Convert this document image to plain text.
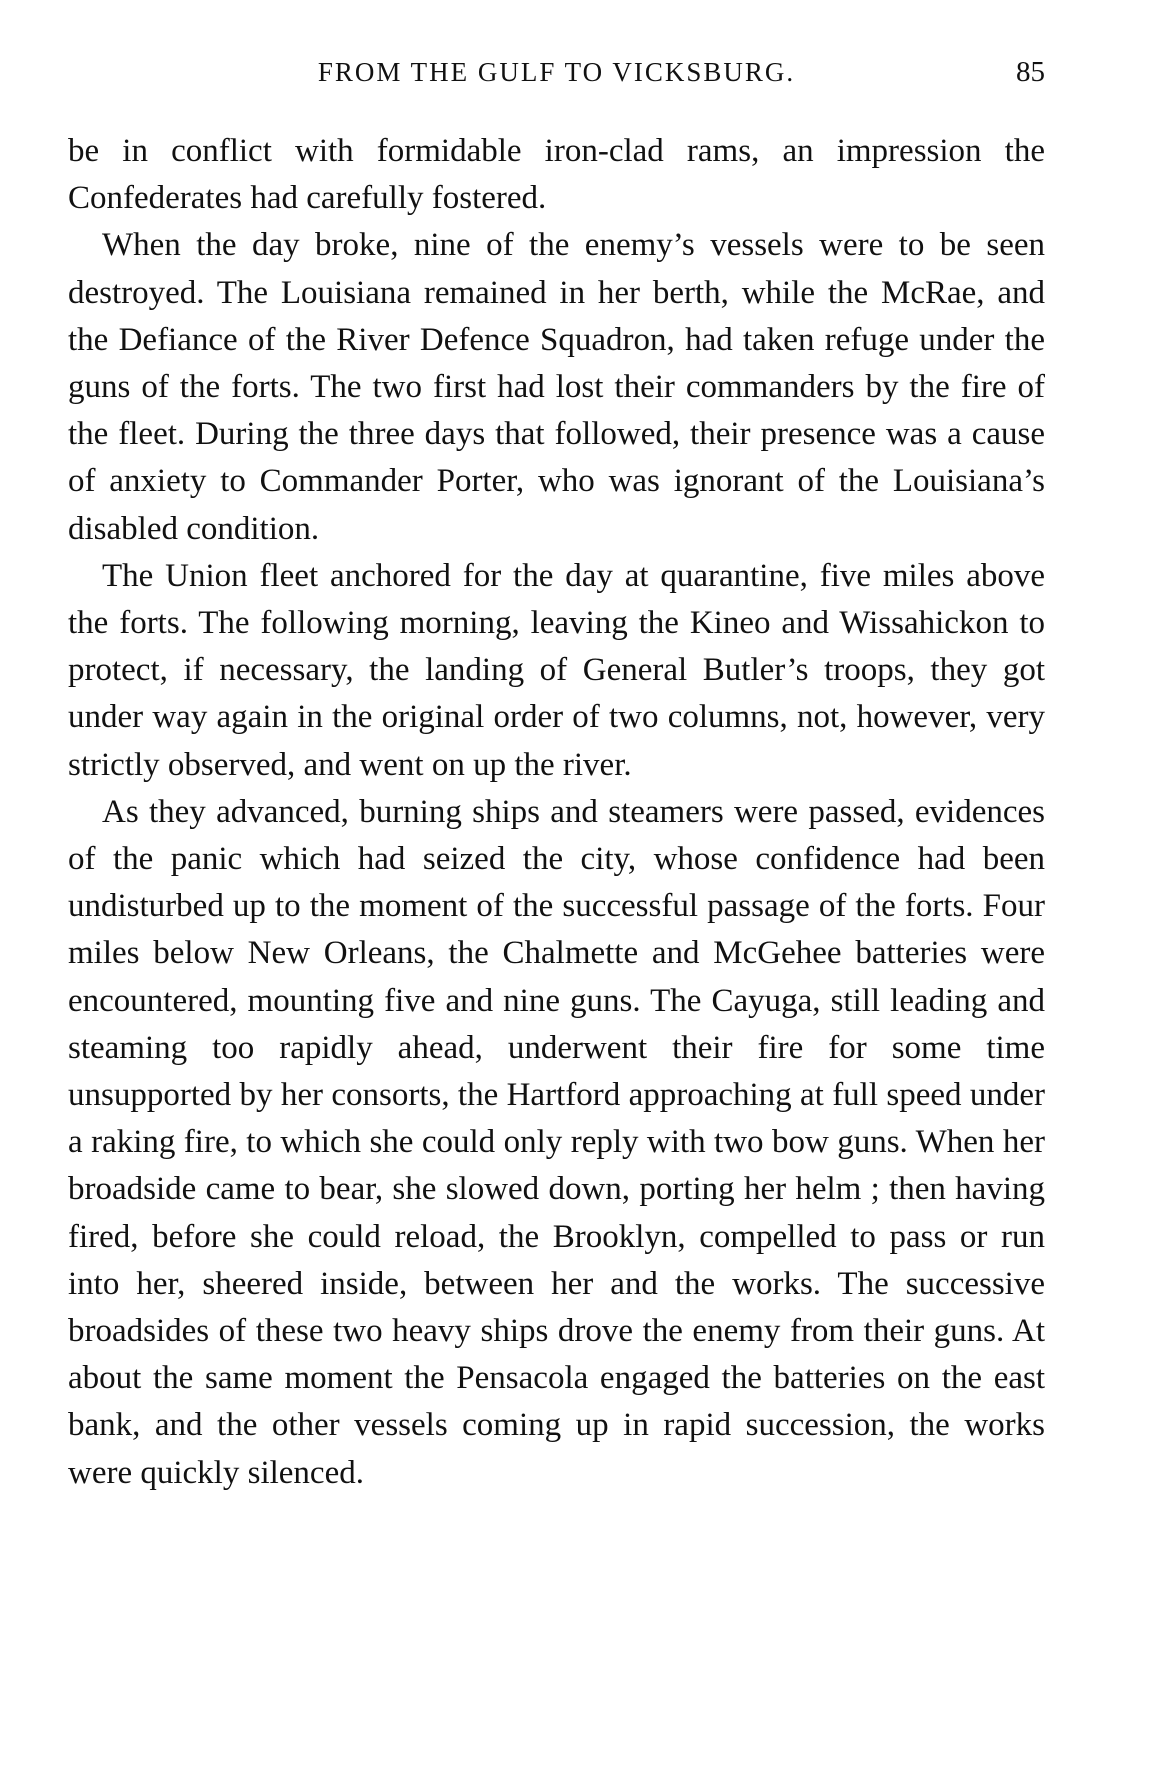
FROM THE GULF TO VICKSBURG.	85

be in conflict with formidable iron-clad rams, an impression the Confederates had carefully fostered.

When the day broke, nine of the enemy’s vessels were to be seen destroyed. The Louisiana remained in her berth, while the McRae, and the Defiance of the River Defence Squadron, had taken refuge under the guns of the forts. The two first had lost their commanders by the fire of the fleet. During the three days that followed, their presence was a cause of anxiety to Commander Porter, who was ignorant of the Louisiana’s disabled condition.

The Union fleet anchored for the day at quarantine, five miles above the forts. The following morning, leaving the Kineo and Wissahickon to protect, if necessary, the landing of General Butler’s troops, they got under way again in the original order of two columns, not, however, very strictly observed, and went on up the river.

As they advanced, burning ships and steamers were passed, evidences of the panic which had seized the city, whose confidence had been undisturbed up to the moment of the successful passage of the forts. Four miles below New Orleans, the Chalmette and McGehee batteries were encountered, mounting five and nine guns. The Cayuga, still leading and steaming too rapidly ahead, underwent their fire for some time unsupported by her consorts, the Hartford approaching at full speed under a raking fire, to which she could only reply with two bow guns. When her broadside came to bear, she slowed down, porting her helm ; then having fired, before she could reload, the Brooklyn, compelled to pass or run into her, sheered inside, between her and the works. The successive broadsides of these two heavy ships drove the enemy from their guns. At about the same moment the Pensacola engaged the batteries on the east bank, and the other vessels coming up in rapid succession, the works were quickly silenced.
